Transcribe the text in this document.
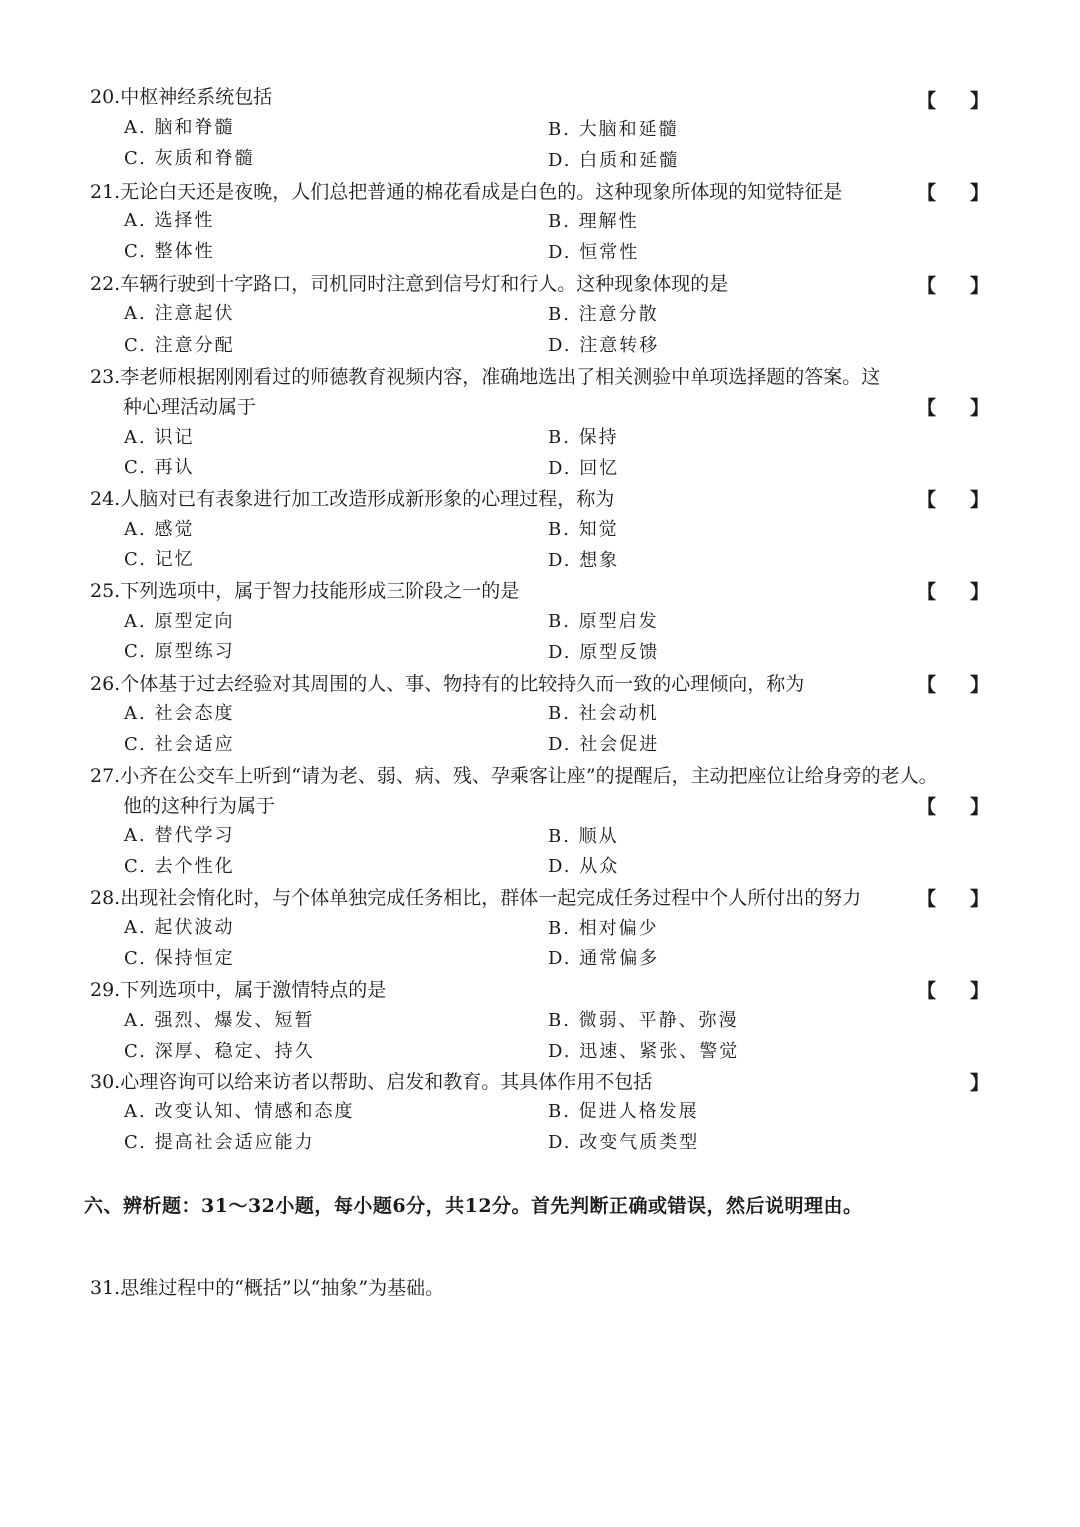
20.中枢神经系统包括	【 】
A. 脑和脊髓	B. 大脑和延髓
C. 灰质和脊髓	D. 白质和延髓
21.无论白天还是夜晚，人们总把普通的棉花看成是白色的。这种现象所体现的知觉特征是	【 】
A. 选择性	B. 理解性
C. 整体性	D. 恒常性
22.车辆行驶到十字路口，司机同时注意到信号灯和行人。这种现象体现的是	【 】
A. 注意起伏	B. 注意分散
C. 注意分配	D. 注意转移
23.李老师根据刚刚看过的师德教育视频内容，准确地选出了相关测验中单项选择题的答案。这
种心理活动属于	【 】
A. 识记	B. 保持
C. 再认	D. 回忆
24.人脑对已有表象进行加工改造形成新形象的心理过程，称为	【 】
A. 感觉	B. 知觉
C. 记忆	D. 想象
25.下列选项中，属于智力技能形成三阶段之一的是	【 】
A. 原型定向	B. 原型启发
C. 原型练习	D. 原型反馈
26.个体基于过去经验对其周围的人、事、物持有的比较持久而一致的心理倾向，称为	【 】
A. 社会态度	B. 社会动机
C. 社会适应	D. 社会促进
27.小齐在公交车上听到“请为老、弱、病、残、孕乘客让座”的提醒后，主动把座位让给身旁的老人。
他的这种行为属于	【 】
A. 替代学习	B. 顺从
C. 去个性化	D. 从众
28.出现社会惰化时，与个体单独完成任务相比，群体一起完成任务过程中个人所付出的努力	【 】
A. 起伏波动	B. 相对偏少
C. 保持恒定	D. 通常偏多
29.下列选项中，属于激情特点的是	【 】
A. 强烈、爆发、短暂	B. 微弱、平静、弥漫
C. 深厚、稳定、持久	D. 迅速、紧张、警觉
30.心理咨询可以给来访者以帮助、启发和教育。其具体作用不包括	】
A. 改变认知、情感和态度	B. 促进人格发展
C. 提高社会适应能力	D. 改变气质类型
六、辨析题：31～32小题，每小题6分，共12分。首先判断正确或错误，然后说明理由。
31.思维过程中的“概括”以“抽象”为基础。
